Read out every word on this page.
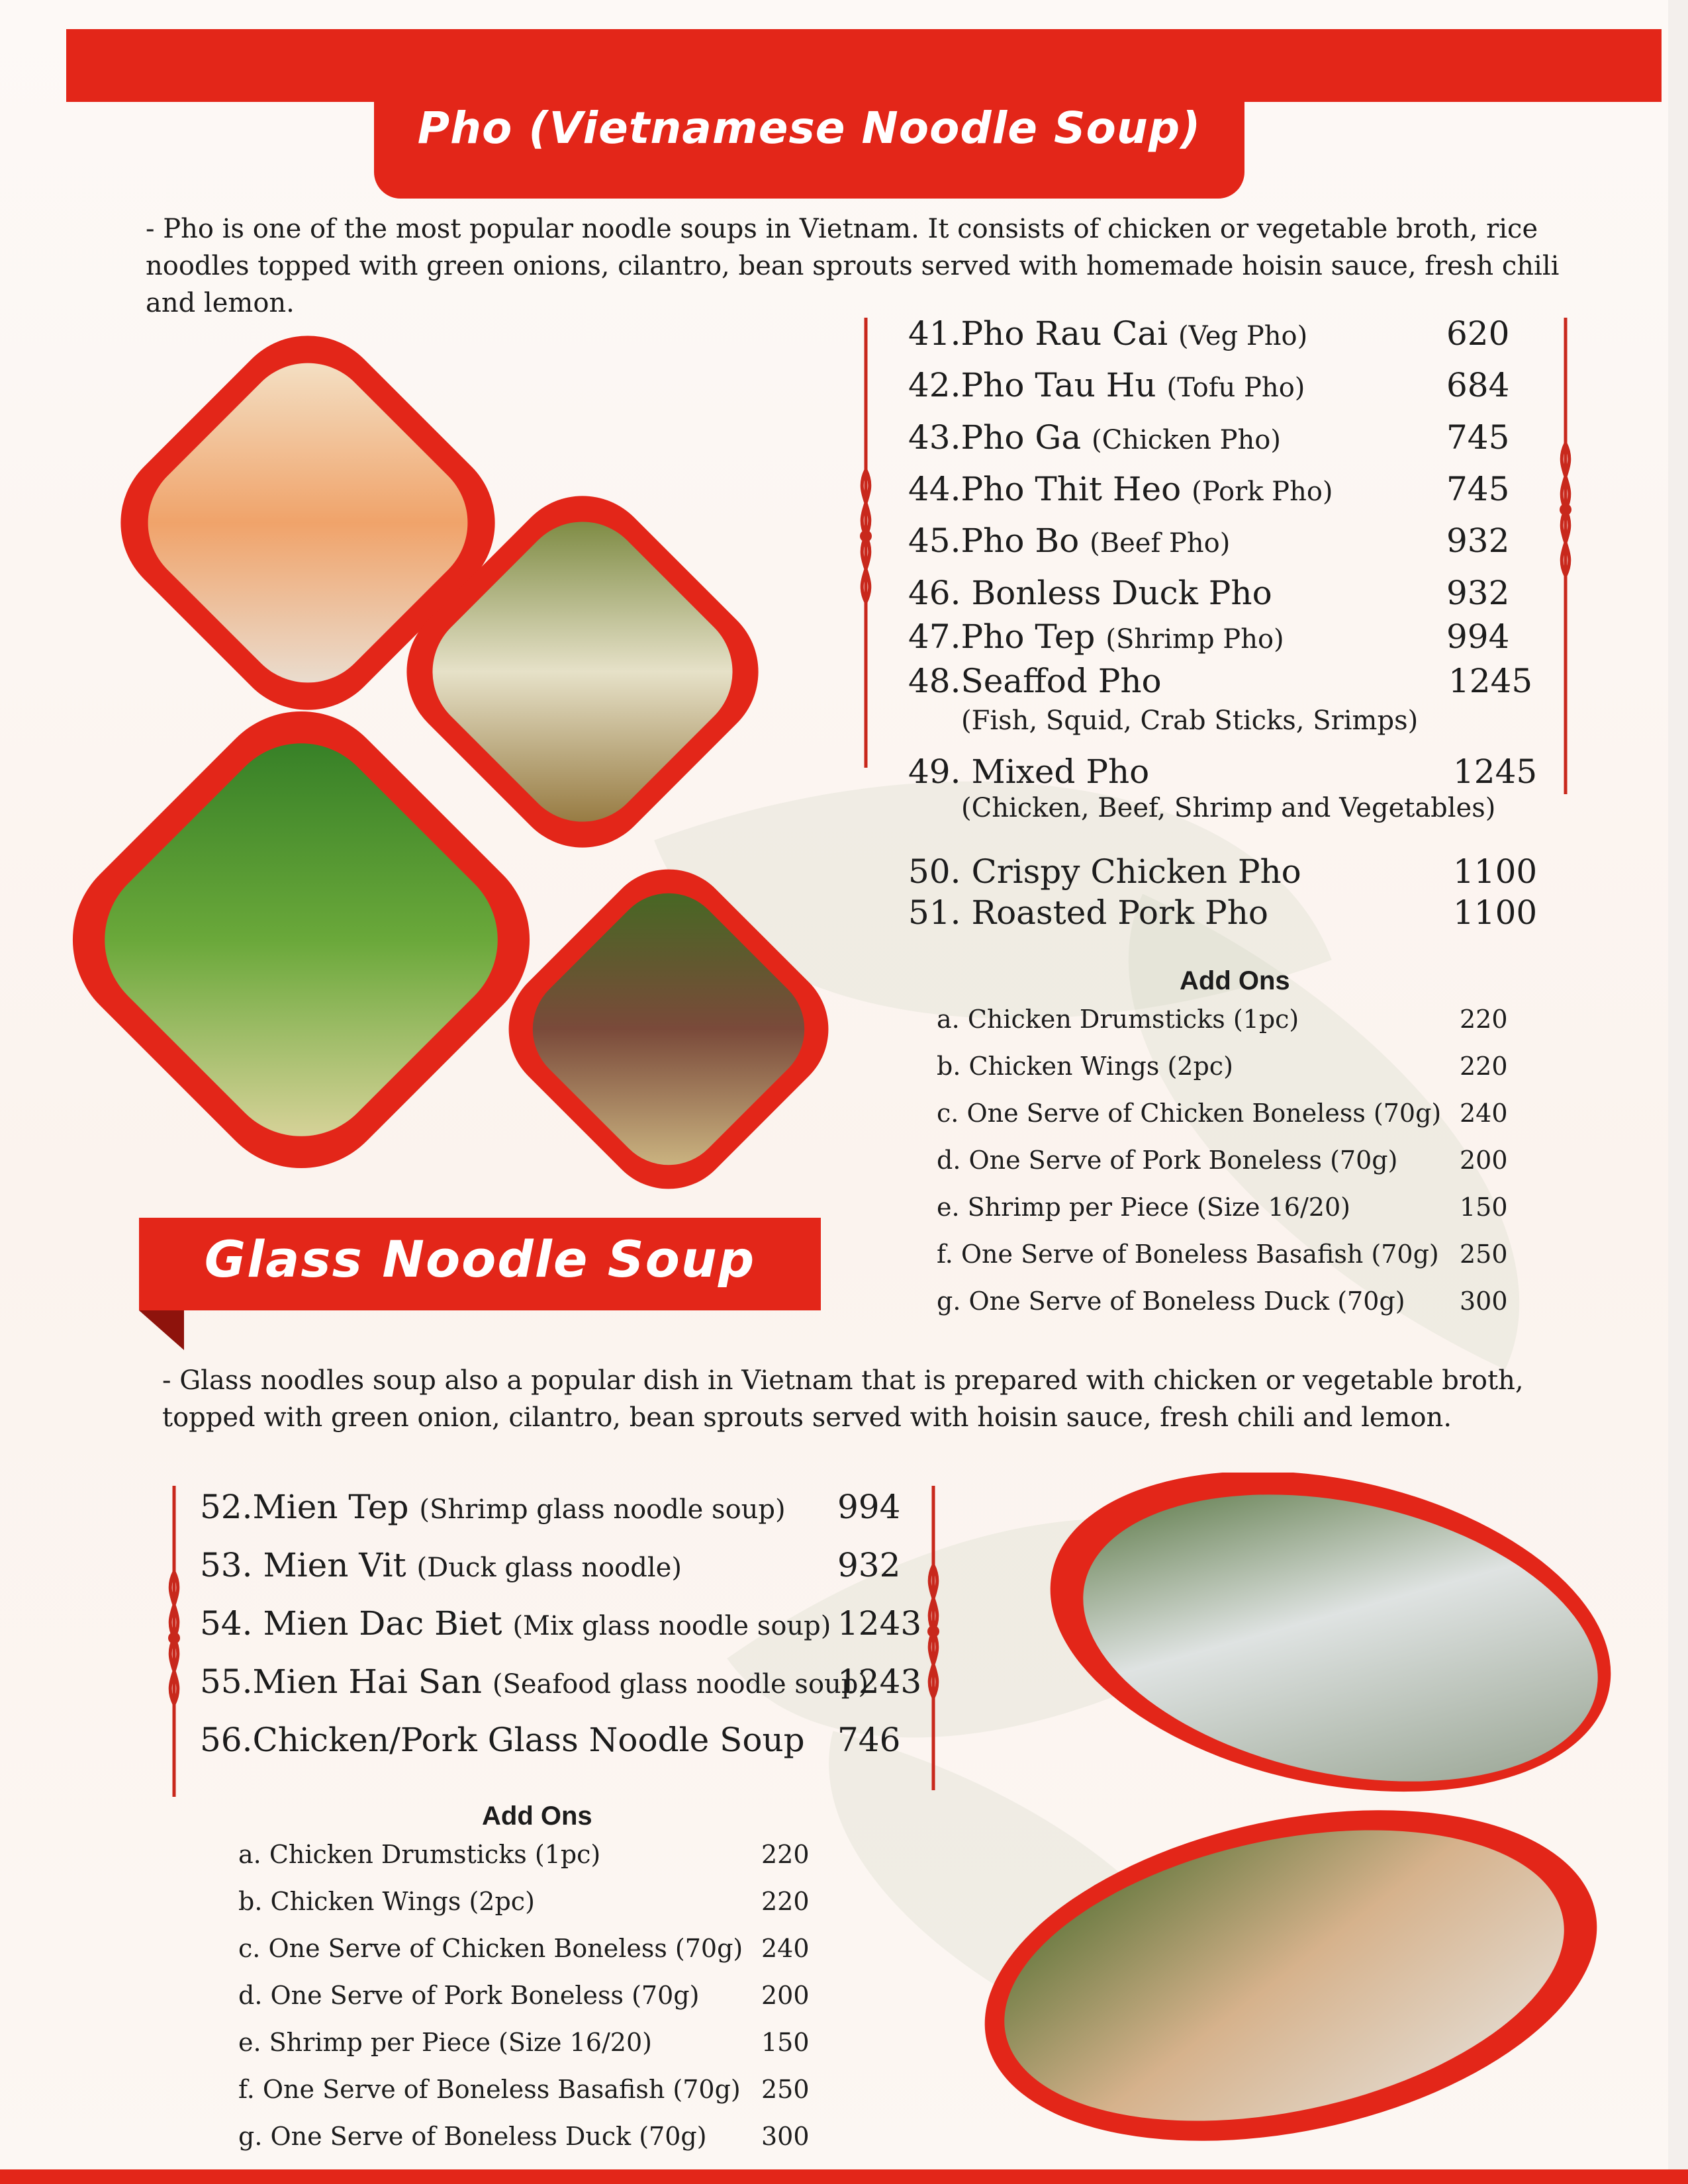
Pho (Vietnamese Noodle Soup)
- Pho is one of the most popular noodle soups in Vietnam. It consists of chicken or vegetable broth, rice noodles topped with green onions, cilantro, bean sprouts served with homemade hoisin sauce, fresh chili and lemon.
41.Pho Rau Cai (Veg Pho)	620
42.Pho Tau Hu (Tofu Pho)	684
43.Pho Ga (Chicken Pho)	745
44.Pho Thit Heo (Pork Pho)	745
45.Pho Bo (Beef Pho)	932
46. Bonless Duck Pho	932
47.Pho Tep (Shrimp Pho)	994
48.Seaffod Pho	1245
(Fish, Squid, Crab Sticks, Srimps)
49. Mixed Pho	1245
(Chicken, Beef, Shrimp and Vegetables)
50. Crispy Chicken Pho	1100
51. Roasted Pork Pho	1100
Add Ons
a. Chicken Drumsticks (1pc)	220
b. Chicken Wings (2pc)	220
c. One Serve of Chicken Boneless (70g) 240
d. One Serve of Pork Boneless (70g) 200
e. Shrimp per Piece (Size 16/20)	150
f. One Serve of Boneless Basafish (70g) 250
g. One Serve of Boneless Duck (70g) 300
Glass Noodle Soup
- Glass noodles soup also a popular dish in Vietnam that is prepared with chicken or vegetable broth, topped with green onion, cilantro, bean sprouts served with hoisin sauce, fresh chili and lemon.
52.Mien Tep (Shrimp glass noodle soup) 994
53. Mien Vit (Duck glass noodle)	932
54. Mien Dac Biet (Mix glass noodle soup) 1243
55.Mien Hai San (Seafood glass noodle soup)
1243
56.Chicken/Pork Glass Noodle Soup 746
Add Ons
a. Chicken Drumsticks (1pc)	220
b. Chicken Wings (2pc)	220
c. One Serve of Chicken Boneless (70g) 240
d. One Serve of Pork Boneless (70g) 200
e. Shrimp per Piece (Size 16/20)	150
f. One Serve of Boneless Basafish (70g) 250
g. One Serve of Boneless Duck (70g) 300
